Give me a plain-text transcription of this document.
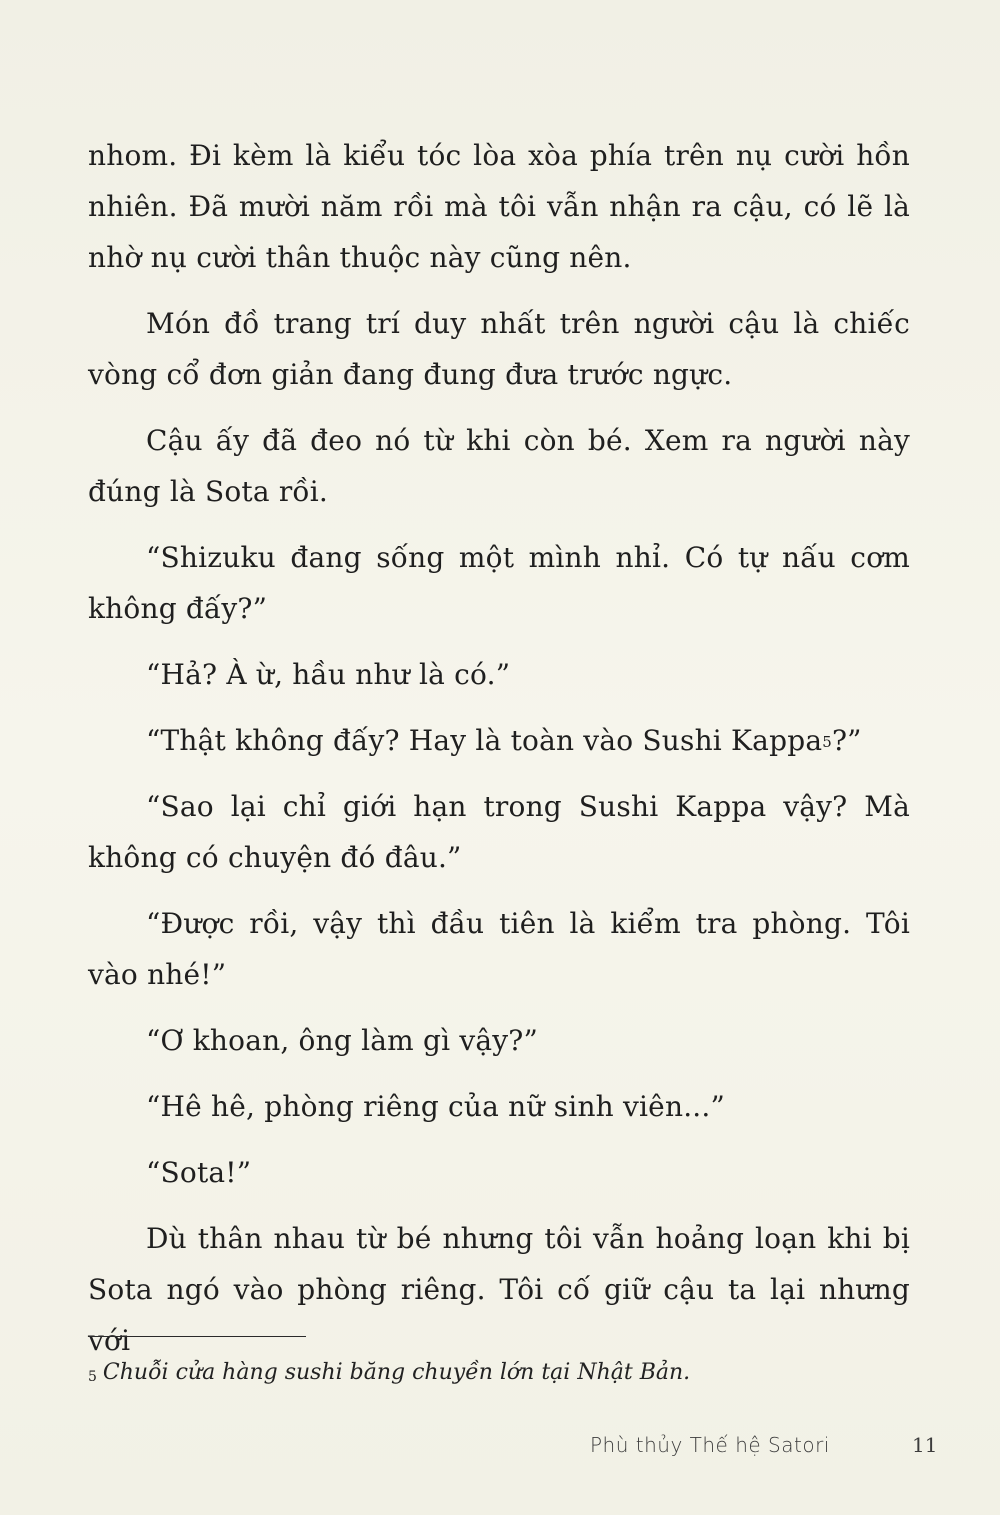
nhom. Đi kèm là kiểu tóc lòa xòa phía trên nụ cười hồn nhiên. Đã mười năm rồi mà tôi vẫn nhận ra cậu, có lẽ là nhờ nụ cười thân thuộc này cũng nên.

Món đồ trang trí duy nhất trên người cậu là chiếc vòng cổ đơn giản đang đung đưa trước ngực.

Cậu ấy đã đeo nó từ khi còn bé. Xem ra người này đúng là Sota rồi.

“Shizuku đang sống một mình nhỉ. Có tự nấu cơm không đấy?”

“Hả? À ừ, hầu như là có.”

“Thật không đấy? Hay là toàn vào Sushi Kappa$^5$?”

“Sao lại chỉ giới hạn trong Sushi Kappa vậy? Mà không có chuyện đó đâu.”

“Được rồi, vậy thì đầu tiên là kiểm tra phòng. Tôi vào nhé!”

“Ơ khoan, ông làm gì vậy?”

“Hê hê, phòng riêng của nữ sinh viên...”

“Sota!”

Dù thân nhau từ bé nhưng tôi vẫn hoảng loạn khi bị Sota ngó vào phòng riêng. Tôi cố giữ cậu ta lại nhưng với

$^5$ Chuỗi cửa hàng sushi băng chuyền lớn tại Nhật Bản.
Phù thủy Thế hệ Satori	11
